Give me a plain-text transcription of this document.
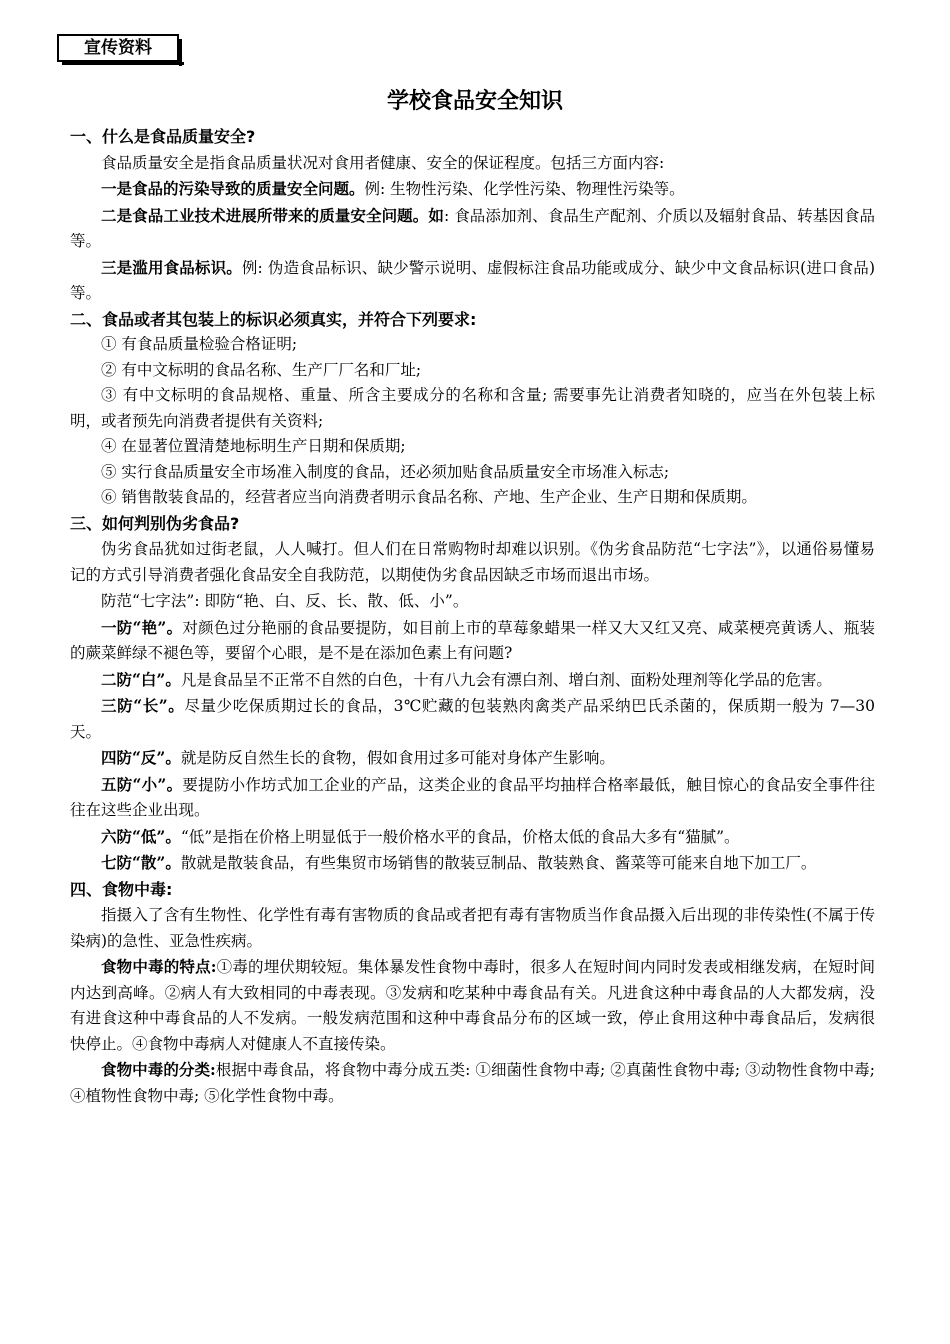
宣传资料
学校食品安全知识
一、什么是食品质量安全?
食品质量安全是指食品质量状况对食用者健康、安全的保证程度。包括三方面内容:
一是食品的污染导致的质量安全问题。例: 生物性污染、化学性污染、物理性污染等。
二是食品工业技术进展所带来的质量安全问题。如: 食品添加剂、食品生产配剂、介质以及辐射食品、转基因食品等。
三是滥用食品标识。例: 伪造食品标识、缺少警示说明、虚假标注食品功能或成分、缺少中文食品标识(进口食品)等。
二、食品或者其包装上的标识必须真实，并符合下列要求:
① 有食品质量检验合格证明;
② 有中文标明的食品名称、生产厂厂名和厂址;
③ 有中文标明的食品规格、重量、所含主要成分的名称和含量; 需要事先让消费者知晓的，应当在外包装上标明，或者预先向消费者提供有关资料;
④ 在显著位置清楚地标明生产日期和保质期;
⑤ 实行食品质量安全市场准入制度的食品，还必须加贴食品质量安全市场准入标志;
⑥ 销售散装食品的，经营者应当向消费者明示食品名称、产地、生产企业、生产日期和保质期。
三、如何判别伪劣食品?
伪劣食品犹如过街老鼠，人人喊打。但人们在日常购物时却难以识别。《伪劣食品防范“七字法”》，以通俗易懂易记的方式引导消费者强化食品安全自我防范，以期使伪劣食品因缺乏市场而退出市场。
防范“七字法”: 即防“艳、白、反、长、散、低、小”。
一防“艳”。对颜色过分艳丽的食品要提防，如目前上市的草莓象蜡果一样又大又红又亮、咸菜梗亮黄诱人、瓶装的蕨菜鲜绿不褪色等，要留个心眼，是不是在添加色素上有问题?
二防“白”。凡是食品呈不正常不自然的白色，十有八九会有漂白剂、增白剂、面粉处理剂等化学品的危害。
三防“长”。尽量少吃保质期过长的食品，3℃贮藏的包装熟肉禽类产品采纳巴氏杀菌的，保质期一般为 7—30 天。
四防“反”。就是防反自然生长的食物，假如食用过多可能对身体产生影响。
五防“小”。要提防小作坊式加工企业的产品，这类企业的食品平均抽样合格率最低，触目惊心的食品安全事件往往在这些企业出现。
六防“低”。“低”是指在价格上明显低于一般价格水平的食品，价格太低的食品大多有“猫腻”。
七防“散”。散就是散装食品，有些集贸市场销售的散装豆制品、散装熟食、酱菜等可能来自地下加工厂。
四、食物中毒:
指摄入了含有生物性、化学性有毒有害物质的食品或者把有毒有害物质当作食品摄入后出现的非传染性(不属于传染病)的急性、亚急性疾病。
食物中毒的特点:①毒的埋伏期较短。集体暴发性食物中毒时，很多人在短时间内同时发表或相继发病，在短时间内达到高峰。②病人有大致相同的中毒表现。③发病和吃某种中毒食品有关。凡进食这种中毒食品的人大都发病，没有进食这种中毒食品的人不发病。一般发病范围和这种中毒食品分布的区域一致，停止食用这种中毒食品后，发病很快停止。④食物中毒病人对健康人不直接传染。
食物中毒的分类:根据中毒食品，将食物中毒分成五类: ①细菌性食物中毒; ②真菌性食物中毒; ③动物性食物中毒; ④植物性食物中毒; ⑤化学性食物中毒。
